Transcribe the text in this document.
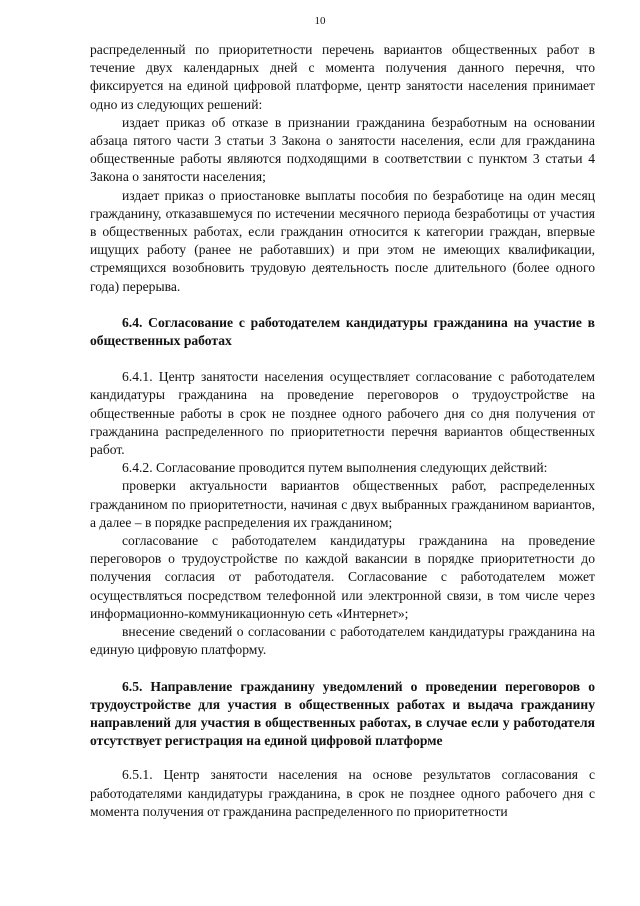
10

распределенный по приоритетности перечень вариантов общественных работ в течение двух календарных дней с момента получения данного перечня, что фиксируется на единой цифровой платформе, центр занятости населения принимает одно из следующих решений:

издает приказ об отказе в признании гражданина безработным на основании абзаца пятого части 3 статьи 3 Закона о занятости населения, если для гражданина общественные работы являются подходящими в соответствии с пунктом 3 статьи 4 Закона о занятости населения;

издает приказ о приостановке выплаты пособия по безработице на один месяц гражданину, отказавшемуся по истечении месячного периода безработицы от участия в общественных работах, если гражданин относится к категории граждан, впервые ищущих работу (ранее не работавших) и при этом не имеющих квалификации, стремящихся возобновить трудовую деятельность после длительного (более одного года) перерыва.

6.4. Согласование с работодателем кандидатуры гражданина на участие в общественных работах

6.4.1. Центр занятости населения осуществляет согласование с работодателем кандидатуры гражданина на проведение переговоров о трудоустройстве на общественные работы в срок не позднее одного рабочего дня со дня получения от гражданина распределенного по приоритетности перечня вариантов общественных работ.

6.4.2. Согласование проводится путем выполнения следующих действий:

проверки актуальности вариантов общественных работ, распределенных гражданином по приоритетности, начиная с двух выбранных гражданином вариантов, а далее – в порядке распределения их гражданином;

согласование с работодателем кандидатуры гражданина на проведение переговоров о трудоустройстве по каждой вакансии в порядке приоритетности до получения согласия от работодателя. Согласование с работодателем может осуществляться посредством телефонной или электронной связи, в том числе через информационно-коммуникационную сеть «Интернет»;

внесение сведений о согласовании с работодателем кандидатуры гражданина на единую цифровую платформу.

6.5. Направление гражданину уведомлений о проведении переговоров о трудоустройстве для участия в общественных работах и выдача гражданину направлений для участия в общественных работах, в случае если у работодателя отсутствует регистрация на единой цифровой платформе

6.5.1. Центр занятости населения на основе результатов согласования с работодателями кандидатуры гражданина, в срок не позднее одного рабочего дня с момента получения от гражданина распределенного по приоритетности
